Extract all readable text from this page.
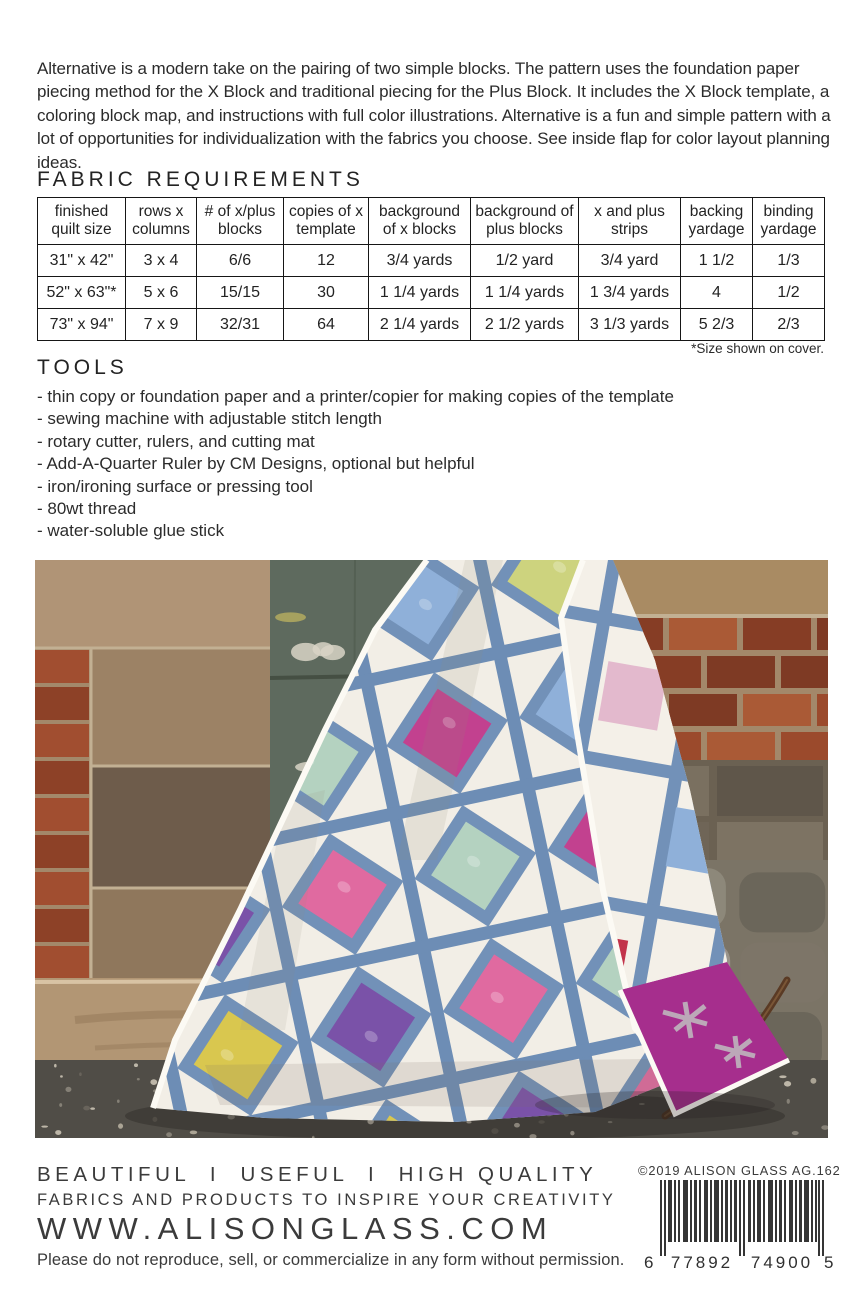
Alternative is a modern take on the pairing of two simple blocks. The pattern uses the foundation paper piecing method for the X Block and traditional piecing for the Plus Block. It includes the X Block template, a coloring block map, and instructions with full color illustrations. Alternative is a fun and simple pattern with a lot of opportunities for individualization with the fabrics you choose. See inside flap for color layout planning ideas.

FABRIC REQUIREMENTS
finished quilt size	rows x columns	# of x/plus blocks	copies of x template	background of x blocks	background of plus blocks	x and plus strips	backing yardage	binding yardage
31" x 42"	3 x 4	6/6	12	3/4 yards	1/2 yard	3/4 yard	1 1/2	1/3
52" x 63"*	5 x 6	15/15	30	1 1/4 yards	1 1/4 yards	1 3/4 yards	4	1/2
73" x 94"	7 x 9	32/31	64	2 1/4 yards	2 1/2 yards	3 1/3 yards	5 2/3	2/3
*Size shown on cover.
TOOLS
- thin copy or foundation paper and a printer/copier for making copies of the template
- sewing machine with adjustable stitch length
- rotary cutter, rulers, and cutting mat
- Add-A-Quarter Ruler by CM Designs, optional but helpful
- iron/ironing surface or pressing tool
- 80wt thread
- water-soluble glue stick
BEAUTIFUL  I  USEFUL  I  HIGH QUALITY
FABRICS AND PRODUCTS TO INSPIRE YOUR CREATIVITY
WWW.ALISONGLASS.COM
Please do not reproduce, sell, or commercialize in any form without permission.
©2019 ALISON GLASS AG.162
6 77892 74900 5
